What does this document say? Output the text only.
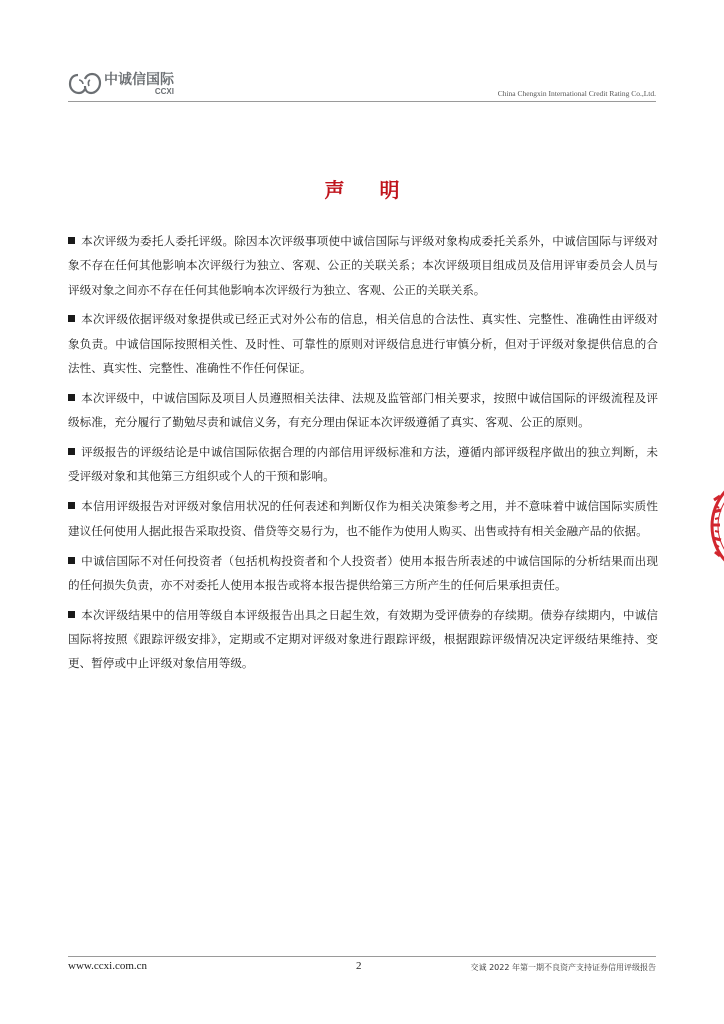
中诚信国际
CCXI	China Chengxin International Credit Rating Co.,Ltd.
声 明

本次评级为委托人委托评级。除因本次评级事项使中诚信国际与评级对象构成委托关系外，中诚信国际与评级对象不存在任何其他影响本次评级行为独立、客观、公正的关联关系；本次评级项目组成员及信用评审委员会人员与评级对象之间亦不存在任何其他影响本次评级行为独立、客观、公正的关联关系。

本次评级依据评级对象提供或已经正式对外公布的信息，相关信息的合法性、真实性、完整性、准确性由评级对象负责。中诚信国际按照相关性、及时性、可靠性的原则对评级信息进行审慎分析，但对于评级对象提供信息的合法性、真实性、完整性、准确性不作任何保证。

本次评级中，中诚信国际及项目人员遵照相关法律、法规及监管部门相关要求，按照中诚信国际的评级流程及评级标准，充分履行了勤勉尽责和诚信义务，有充分理由保证本次评级遵循了真实、客观、公正的原则。

评级报告的评级结论是中诚信国际依据合理的内部信用评级标准和方法，遵循内部评级程序做出的独立判断，未受评级对象和其他第三方组织或个人的干预和影响。

本信用评级报告对评级对象信用状况的任何表述和判断仅作为相关决策参考之用，并不意味着中诚信国际实质性建议任何使用人据此报告采取投资、借贷等交易行为，也不能作为使用人购买、出售或持有相关金融产品的依据。

中诚信国际不对任何投资者（包括机构投资者和个人投资者）使用本报告所表述的中诚信国际的分析结果而出现的任何损失负责，亦不对委托人使用本报告或将本报告提供给第三方所产生的任何后果承担责任。

本次评级结果中的信用等级自本评级报告出具之日起生效，有效期为受评债券的存续期。债券存续期内，中诚信国际将按照《跟踪评级安排》，定期或不定期对评级对象进行跟踪评级，根据跟踪评级情况决定评级结果维持、变更、暂停或中止评级对象信用等级。

www.ccxi.com.cn	2	交诚 2022 年第一期不良资产支持证券信用评级报告
